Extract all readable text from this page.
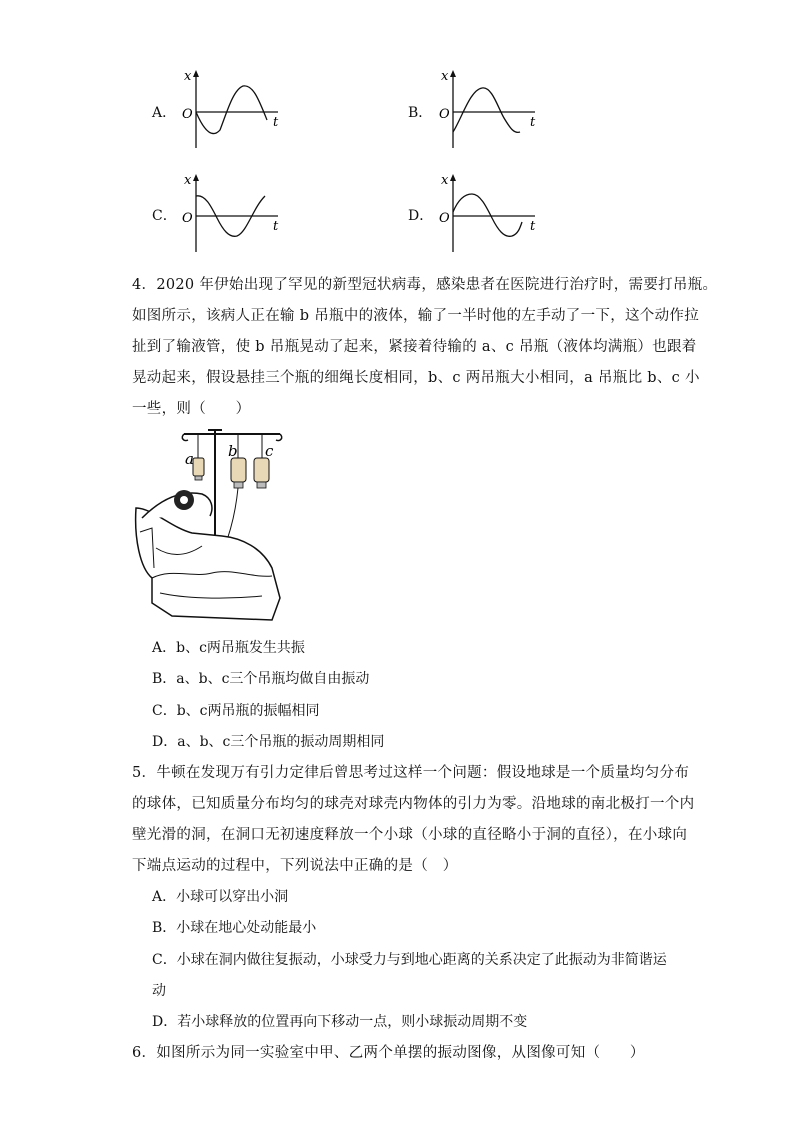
A．
x
O
t
B．
x
O
t
C．
x
O
t
D．
x
O
t
4．2020 年伊始出现了罕见的新型冠状病毒，感染患者在医院进行治疗时，需要打吊瓶。
如图所示，该病人正在输 b 吊瓶中的液体，输了一半时他的左手动了一下，这个动作拉
扯到了输液管，使 b 吊瓶晃动了起来，紧接着待输的 a、c 吊瓶（液体均满瓶）也跟着
晃动起来，假设悬挂三个瓶的细绳长度相同，b、c 两吊瓶大小相同，a 吊瓶比 b、c 小
一些，则（　　）
a b c
A．b、c两吊瓶发生共振
B．a、b、c三个吊瓶均做自由振动
C．b、c两吊瓶的振幅相同
D．a、b、c三个吊瓶的振动周期相同
5．牛顿在发现万有引力定律后曾思考过这样一个问题：假设地球是一个质量均匀分布
的球体，已知质量分布均匀的球壳对球壳内物体的引力为零。沿地球的南北极打一个内
壁光滑的洞，在洞口无初速度释放一个小球（小球的直径略小于洞的直径），在小球向
下端点运动的过程中，下列说法中正确的是（　）
A．小球可以穿出小洞
B．小球在地心处动能最小
C．小球在洞内做往复振动，小球受力与到地心距离的关系决定了此振动为非简谐运
动
D．若小球释放的位置再向下移动一点，则小球振动周期不变
6．如图所示为同一实验室中甲、乙两个单摆的振动图像，从图像可知（　　）
